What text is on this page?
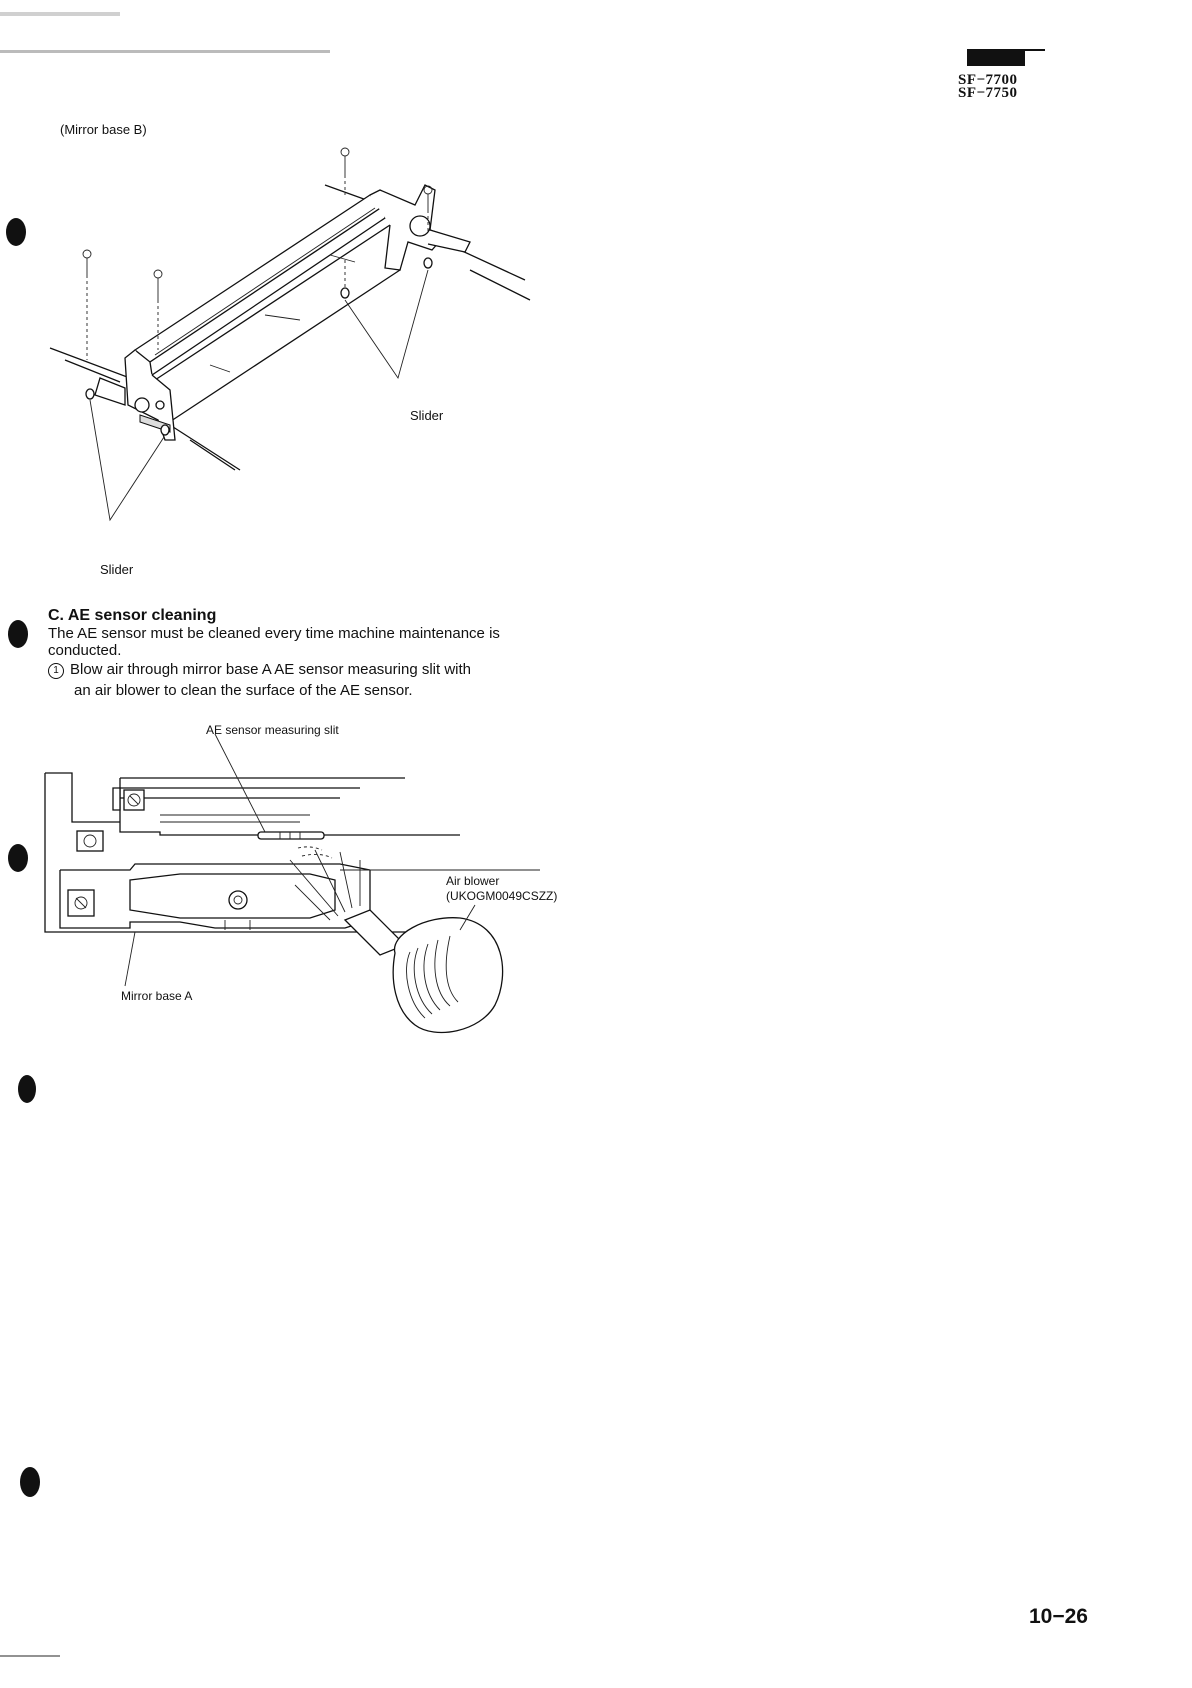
SF−7700
SF−7750
(Mirror base B)
Slider
Slider
C. AE sensor cleaning
The AE sensor must be cleaned every time machine maintenance is conducted.
1 Blow air through mirror base A AE sensor measuring slit with
an air blower to clean the surface of the AE sensor.
AE sensor measuring slit
Air blower
(UKOGM0049CSZZ)
Mirror base A
10−26
